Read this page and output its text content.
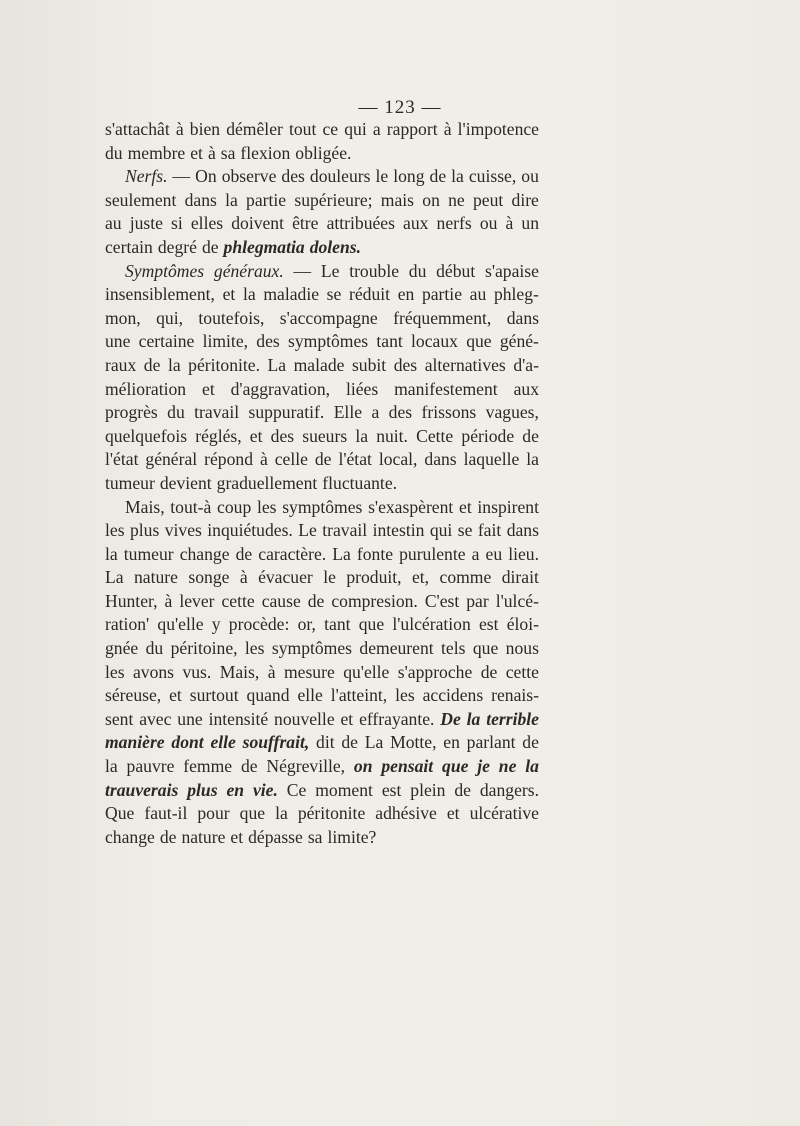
— 123 —
s'attachât à bien démêler tout ce qui a rapport à l'impotence
du membre et à sa flexion obligée.
Nerfs. — On observe des douleurs le long de la cuisse, ou
seulement dans la partie supérieure; mais on ne peut dire
au juste si elles doivent être attribuées aux nerfs ou à un
certain degré de phlegmatia dolens.
Symptômes généraux. — Le trouble du début s'apaise
insensiblement, et la maladie se réduit en partie au phleg-
mon, qui, toutefois, s'accompagne fréquemment, dans
une certaine limite, des symptômes tant locaux que géné-
raux de la péritonite. La malade subit des alternatives d'a-
mélioration et d'aggravation, liées manifestement aux
progrès du travail suppuratif. Elle a des frissons vagues,
quelquefois réglés, et des sueurs la nuit. Cette période de
l'état général répond à celle de l'état local, dans laquelle la
tumeur devient graduellement fluctuante.
Mais, tout-à coup les symptômes s'exaspèrent et inspirent
les plus vives inquiétudes. Le travail intestin qui se fait dans
la tumeur change de caractère. La fonte purulente a eu lieu.
La nature songe à évacuer le produit, et, comme dirait
Hunter, à lever cette cause de compresion. C'est par l'ulcé-
ration' qu'elle y procède: or, tant que l'ulcération est éloi-
gnée du péritoine, les symptômes demeurent tels que nous
les avons vus. Mais, à mesure qu'elle s'approche de cette
séreuse, et surtout quand elle l'atteint, les accidens renais-
sent avec une intensité nouvelle et effrayante. De la terrible
manière dont elle souffrait, dit de La Motte, en parlant de
la pauvre femme de Négreville, on pensait que je ne la
trauverais plus en vie. Ce moment est plein de dangers.
Que faut-il pour que la péritonite adhésive et ulcérative
change de nature et dépasse sa limite?
